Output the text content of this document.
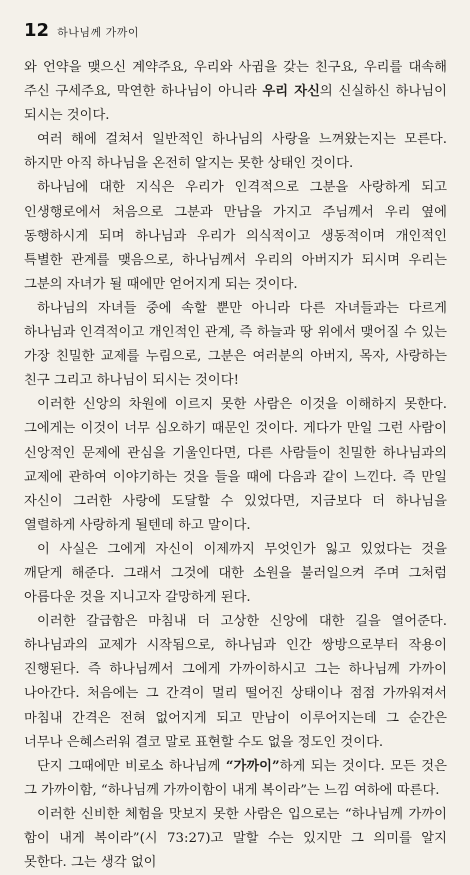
12 하나님께 가까이

와 언약을 맺으신 계약주요, 우리와 사귐을 갖는 친구요, 우리를 대속해 주신 구세주요, 막연한 하나님이 아니라 우리 자신의 신실하신 하나님이 되시는 것이다.

여러 해에 걸쳐서 일반적인 하나님의 사랑을 느껴왔는지는 모른다. 하지만 아직 하나님을 온전히 알지는 못한 상태인 것이다.

하나님에 대한 지식은 우리가 인격적으로 그분을 사랑하게 되고 인생행로에서 처음으로 그분과 만남을 가지고 주님께서 우리 옆에 동행하시게 되며 하나님과 우리가 의식적이고 생동적이며 개인적인 특별한 관계를 맺음으로, 하나님께서 우리의 아버지가 되시며 우리는 그분의 자녀가 될 때에만 얻어지게 되는 것이다.

하나님의 자녀들 중에 속할 뿐만 아니라 다른 자녀들과는 다르게 하나님과 인격적이고 개인적인 관계, 즉 하늘과 땅 위에서 맺어질 수 있는 가장 친밀한 교제를 누림으로, 그분은 여러분의 아버지, 목자, 사랑하는 친구 그리고 하나님이 되시는 것이다!

이러한 신앙의 차원에 이르지 못한 사람은 이것을 이해하지 못한다. 그에게는 이것이 너무 심오하기 때문인 것이다. 게다가 만일 그런 사람이 신앙적인 문제에 관심을 기울인다면, 다른 사람들이 친밀한 하나님과의 교제에 관하여 이야기하는 것을 들을 때에 다음과 같이 느낀다. 즉 만일 자신이 그러한 사랑에 도달할 수 있었다면, 지금보다 더 하나님을 열렬하게 사랑하게 될텐데 하고 말이다.

이 사실은 그에게 자신이 이제까지 무엇인가 잃고 있었다는 것을 깨닫게 해준다. 그래서 그것에 대한 소원을 불러일으켜 주며 그처럼 아름다운 것을 지니고자 갈망하게 된다.

이러한 갈급함은 마침내 더 고상한 신앙에 대한 길을 열어준다. 하나님과의 교제가 시작됨으로, 하나님과 인간 쌍방으로부터 작용이 진행된다. 즉 하나님께서 그에게 가까이하시고 그는 하나님께 가까이 나아간다. 처음에는 그 간격이 멀리 떨어진 상태이나 점점 가까워져서 마침내 간격은 전혀 없어지게 되고 만남이 이루어지는데 그 순간은 너무나 은혜스러워 결코 말로 표현할 수도 없을 정도인 것이다.

단지 그때에만 비로소 하나님께 “가까이”하게 되는 것이다. 모든 것은 그 가까이함, “하나님께 가까이함이 내게 복이라”는 느낌 여하에 따른다.

이러한 신비한 체험을 맛보지 못한 사람은 입으로는 “하나님께 가까이 함이 내게 복이라”(시 73:27)고 말할 수는 있지만 그 의미를 알지 못한다. 그는 생각 없이
